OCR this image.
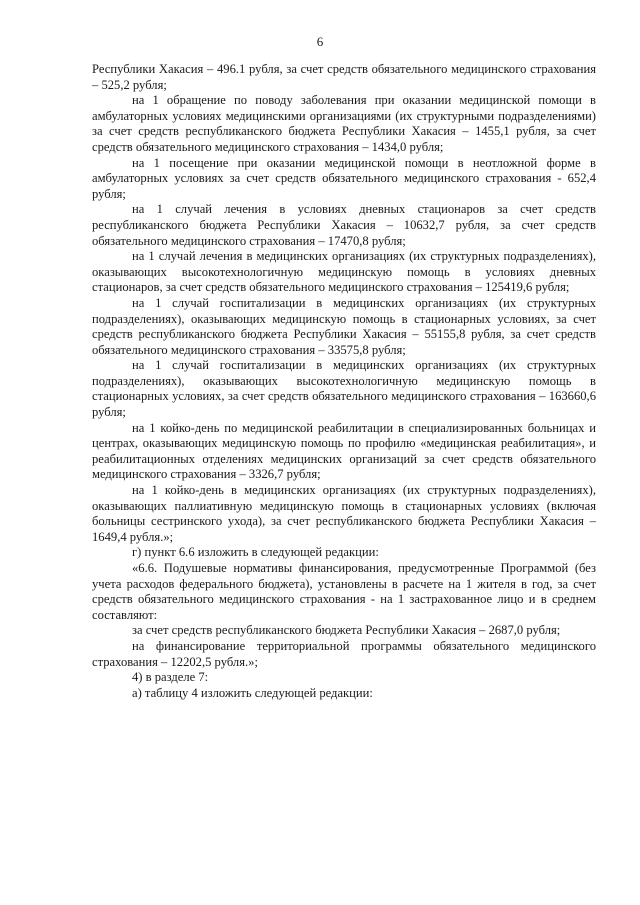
6

Республики Хакасия – 496.1 рубля, за счет средств обязательного медицинского страхования – 525,2 рубля;

на 1 обращение по поводу заболевания при оказании медицинской помощи в амбулаторных условиях медицинскими организациями (их структурными подразделениями) за счет средств республиканского бюджета Республики Хакасия – 1455,1 рубля, за счет средств обязательного медицинского страхования – 1434,0 рубля;

на 1 посещение при оказании медицинской помощи в неотложной форме в амбулаторных условиях за счет средств обязательного медицинского страхования - 652,4 рубля;

на 1 случай лечения в условиях дневных стационаров за счет средств республиканского бюджета Республики Хакасия – 10632,7 рубля, за счет средств обязательного медицинского страхования – 17470,8 рубля;

на 1 случай лечения в медицинских организациях (их структурных подразделениях), оказывающих высокотехнологичную медицинскую помощь в условиях дневных стационаров, за счет средств обязательного медицинского страхования – 125419,6 рубля;

на 1 случай госпитализации в медицинских организациях (их структурных подразделениях), оказывающих медицинскую помощь в стационарных условиях, за счет средств республиканского бюджета Республики Хакасия – 55155,8 рубля, за счет средств обязательного медицинского страхования – 33575,8 рубля;

на 1 случай госпитализации в медицинских организациях (их структурных подразделениях), оказывающих высокотехнологичную медицинскую помощь в стационарных условиях, за счет средств обязательного медицинского страхования – 163660,6 рубля;

на 1 койко-день по медицинской реабилитации в специализированных больницах и центрах, оказывающих медицинскую помощь по профилю «медицинская реабилитация», и реабилитационных отделениях медицинских организаций за счет средств обязательного медицинского страхования – 3326,7 рубля;

на 1 койко-день в медицинских организациях (их структурных подразделениях), оказывающих паллиативную медицинскую помощь в стационарных условиях (включая больницы сестринского ухода), за счет республиканского бюджета Республики Хакасия – 1649,4 рубля.»;

г) пункт 6.6 изложить в следующей редакции:

«6.6. Подушевые нормативы финансирования, предусмотренные Программой (без учета расходов федерального бюджета), установлены в расчете на 1 жителя в год, за счет средств обязательного медицинского страхования - на 1 застрахованное лицо и в среднем составляют:

за счет средств республиканского бюджета Республики Хакасия – 2687,0 рубля;

на финансирование территориальной программы обязательного медицинского страхования – 12202,5 рубля.»;

4) в разделе 7:

а) таблицу 4 изложить следующей редакции:
